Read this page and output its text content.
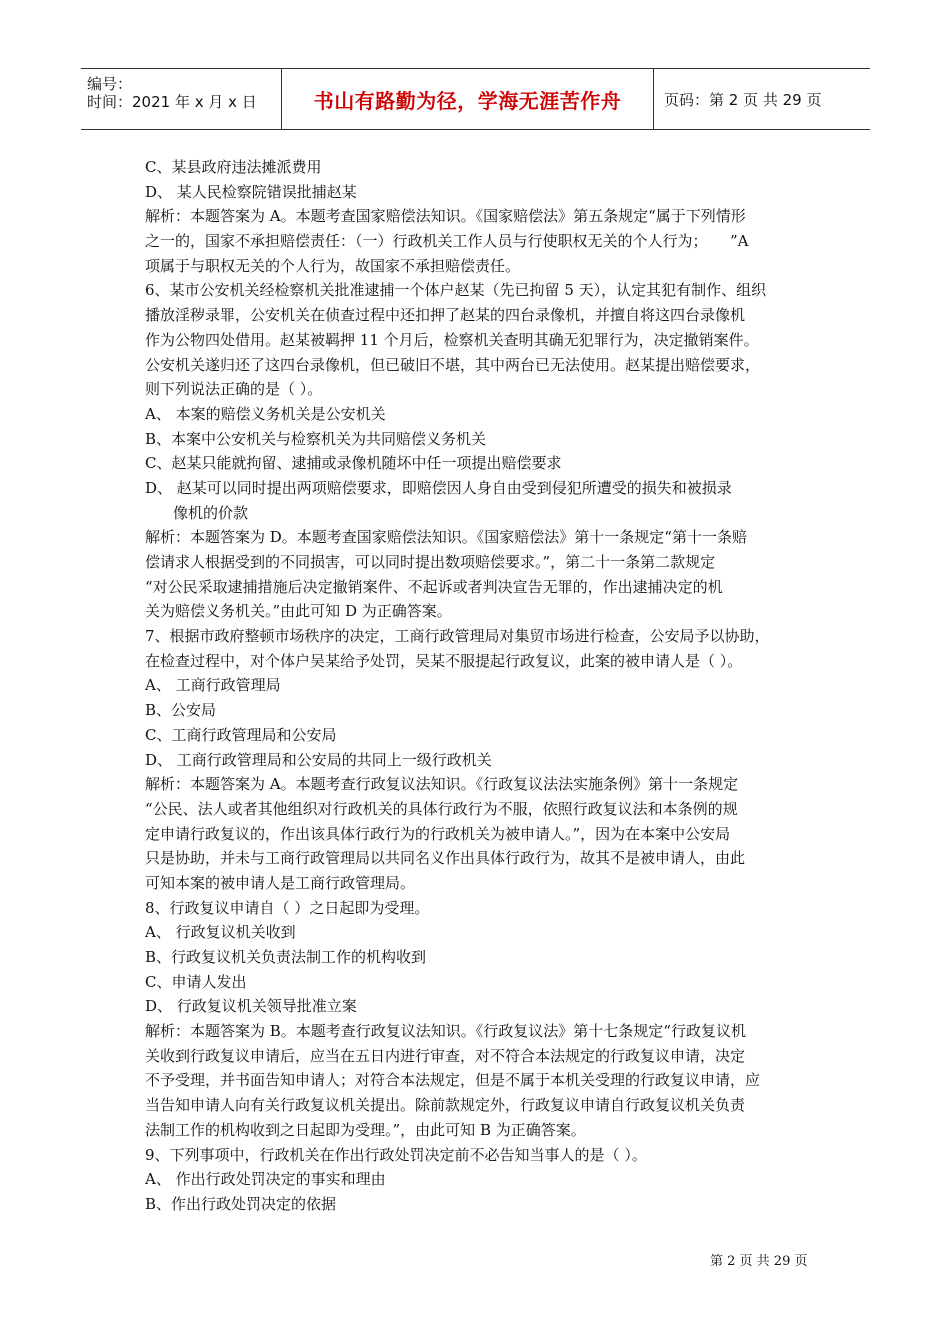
编号：
时间：2021 年 x 月 x 日	书山有路勤为径，学海无涯苦作舟	页码：第 2 页 共 29 页
C、某县政府违法摊派费用
D、 某人民检察院错误批捕赵某
解析：本题答案为 A。本题考查国家赔偿法知识。《国家赔偿法》第五条规定“属于下列情形
之一的，国家不承担赔偿责任：（一）行政机关工作人员与行使职权无关的个人行为；　　”A
项属于与职权无关的个人行为，故国家不承担赔偿责任。
6、某市公安机关经检察机关批准逮捕一个体户赵某（先已拘留 5 天），认定其犯有制作、组织
播放淫秽录罪，公安机关在侦查过程中还扣押了赵某的四台录像机，并擅自将这四台录像机
作为公物四处借用。赵某被羁押 11 个月后，检察机关查明其确无犯罪行为，决定撤销案件。
公安机关遂归还了这四台录像机，但已破旧不堪，其中两台已无法使用。赵某提出赔偿要求，
则下列说法正确的是（ ）。
A、 本案的赔偿义务机关是公安机关
B、本案中公安机关与检察机关为共同赔偿义务机关
C、赵某只能就拘留、逮捕或录像机随坏中任一项提出赔偿要求
D、 赵某可以同时提出两项赔偿要求，即赔偿因人身自由受到侵犯所遭受的损失和被损录
像机的价款
解析：本题答案为 D。本题考查国家赔偿法知识。《国家赔偿法》第十一条规定“第十一条赔
偿请求人根据受到的不同损害，可以同时提出数项赔偿要求。”，第二十一条第二款规定
“对公民采取逮捕措施后决定撤销案件、不起诉或者判决宣告无罪的，作出逮捕决定的机
关为赔偿义务机关。”由此可知 D 为正确答案。
7、根据市政府整顿市场秩序的决定，工商行政管理局对集贸市场进行检查，公安局予以协助，
在检查过程中，对个体户吴某给予处罚，吴某不服提起行政复议，此案的被申请人是（ ）。
A、 工商行政管理局
B、公安局
C、工商行政管理局和公安局
D、 工商行政管理局和公安局的共同上一级行政机关
解析：本题答案为 A。本题考查行政复议法知识。《行政复议法法实施条例》第十一条规定
“公民、法人或者其他组织对行政机关的具体行政行为不服，依照行政复议法和本条例的规
定申请行政复议的，作出该具体行政行为的行政机关为被申请人。”，因为在本案中公安局
只是协助，并未与工商行政管理局以共同名义作出具体行政行为，故其不是被申请人，由此
可知本案的被申请人是工商行政管理局。
8、行政复议申请自（ ）之日起即为受理。
A、 行政复议机关收到
B、行政复议机关负责法制工作的机构收到
C、申请人发出
D、 行政复议机关领导批准立案
解析：本题答案为 B。本题考查行政复议法知识。《行政复议法》第十七条规定“行政复议机
关收到行政复议申请后，应当在五日内进行审查，对不符合本法规定的行政复议申请，决定
不予受理，并书面告知申请人；对符合本法规定，但是不属于本机关受理的行政复议申请，应
当告知申请人向有关行政复议机关提出。除前款规定外，行政复议申请自行政复议机关负责
法制工作的机构收到之日起即为受理。”，由此可知 B 为正确答案。
9、下列事项中，行政机关在作出行政处罚决定前不必告知当事人的是（ ）。
A、 作出行政处罚决定的事实和理由
B、作出行政处罚决定的依据
第 2 页 共 29 页
